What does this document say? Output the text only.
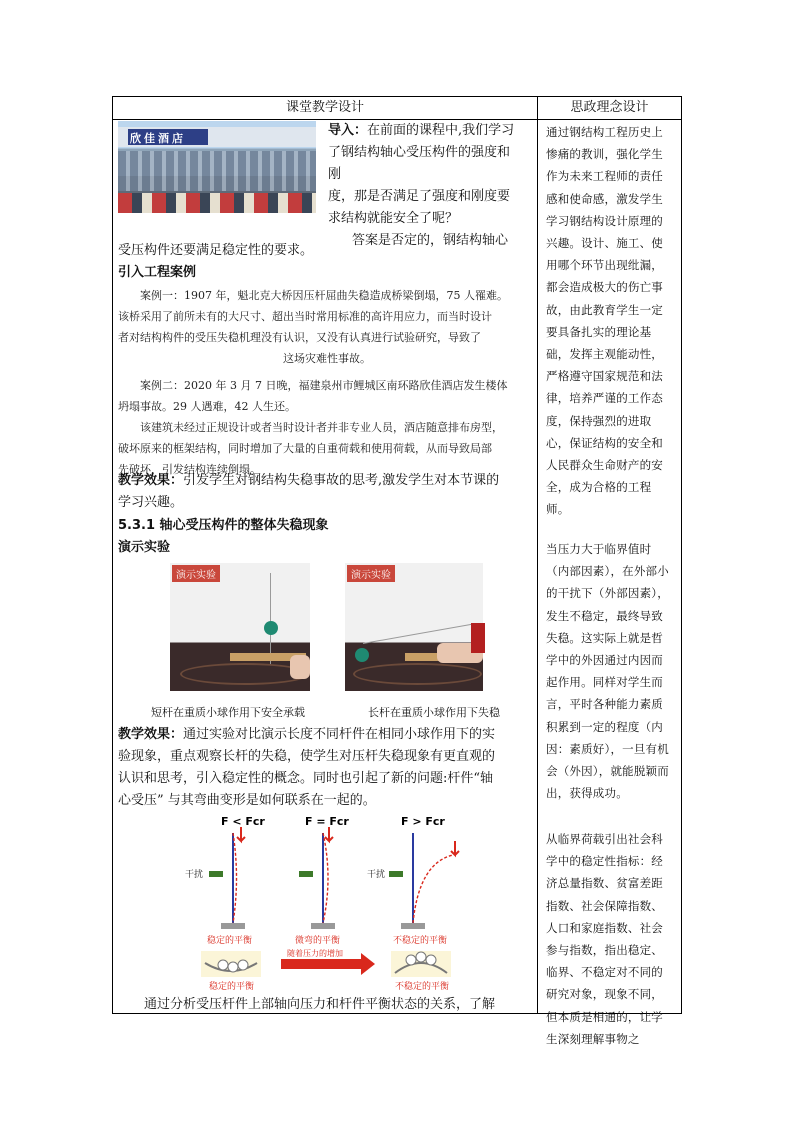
课堂教学设计	思政理念设计
欣佳酒店
导入：在前面的课程中,我们学习
了钢结构轴心受压构件的强度和
刚
度，那是否满足了强度和刚度要
求结构就能安全了呢？
答案是否定的，钢结构轴心
受压构件还要满足稳定性的要求。
引入工程案例
案例一：1907 年，魁北克大桥因压杆屈曲失稳造成桥梁倒塌，75 人罹难。
该桥采用了前所未有的大尺寸、超出当时常用标准的高许用应力，而当时设计
者对结构构件的受压失稳机理没有认识，又没有认真进行试验研究，导致了
这场灾难性事故。
案例二：2020 年 3 月 7 日晚，福建泉州市鲤城区南环路欣佳酒店发生楼体
坍塌事故。29 人遇难，42 人生还。
该建筑未经过正规设计或者当时设计者并非专业人员，酒店随意排布房型，
破坏原来的框架结构，同时增加了大量的自重荷载和使用荷载，从而导致局部
先破坏，引发结构连续倒塌。
教学效果：引发学生对钢结构失稳事故的思考,激发学生对本节课的
学习兴趣。
5.3.1 轴心受压构件的整体失稳现象
演示实验
演示实验	演示实验
短杆在重质小球作用下安全承载	长杆在重质小球作用下失稳
教学效果：通过实验对比演示长度不同杆件在相同小球作用下的实
验现象，重点观察长杆的失稳，使学生对压杆失稳现象有更直观的
认识和思考，引入稳定性的概念。同时也引起了新的问题:杆件“轴
心受压” 与其弯曲变形是如何联系在一起的。
F < Fcr	F = Fcr	F > Fcr
干扰
稳定的平衡	微弯的平衡
干扰
不稳定的平衡
稳定的平衡
随着压力的增加
不稳定的平衡
通过分析受压杆件上部轴向压力和杆件平衡状态的关系，了解
通过钢结构工程历史上惨痛的教训，强化学生作为未来工程师的责任感和使命感，激发学生学习钢结构设计原理的兴趣。设计、施工、使用哪个环节出现纰漏，都会造成极大的伤亡事故，由此教育学生一定要具备扎实的理论基础，发挥主观能动性，严格遵守国家规范和法律，培养严谨的工作态度，保持强烈的进取心，保证结构的安全和人民群众生命财产的安全，成为合格的工程师。
当压力大于临界值时（内部因素），在外部小的干扰下（外部因素），发生不稳定，最终导致失稳。这实际上就是哲学中的外因通过内因而起作用。同样对学生而言，平时各种能力素质积累到一定的程度（内因：素质好），一旦有机会（外因），就能脱颖而出，获得成功。
从临界荷载引出社会科学中的稳定性指标：经济总量指数、贫富差距指数、社会保障指数、人口和家庭指数、社会参与指数，指出稳定、临界、不稳定对不同的研究对象，现象不同，但本质是相通的，让学生深刻理解事物之
